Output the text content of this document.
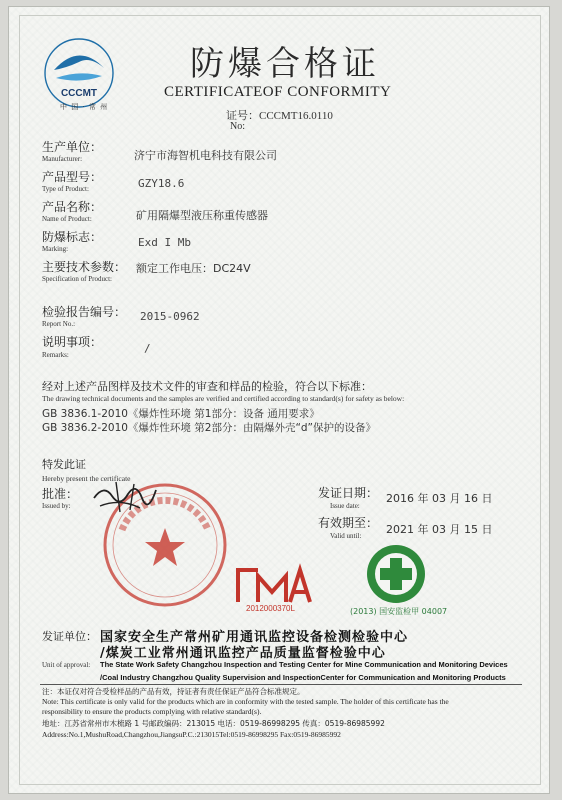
CCCMT
中 国 · 常 州
防爆合格证
CERTIFICATEOF CONFORMITY
证号：CCCMT16.0110
No:
生产单位：
Manufacturer:	济宁市海智机电科技有限公司
产品型号：
Type of Product:	GZY18.6
产品名称：
Name of Product:	矿用隔爆型液压称重传感器
防爆标志：
Marking:	Exd I Mb
主要技术参数：
Specification of Product:
额定工作电压：DC24V
检验报告编号：
Report No.:
2015-0962
说明事项：
Remarks:	/
经对上述产品图样及技术文件的审查和样品的检验，符合以下标准：
The drawing technical documents and the samples are verified and certified according to standard(s) for safety as below:
GB 3836.1-2010《爆炸性环境 第1部分：设备 通用要求》
GB 3836.2-2010《爆炸性环境 第2部分：由隔爆外壳“d”保护的设备》
特发此证
Hereby present the certificate
批准：
Issued by:
发证日期：
Issue date:
2016 年 03 月 16 日
有效期至：
Valid until: 2021 年 03 月 15 日
2012000370L	(2013) 国安监检甲 04007
发证单位： 国家安全生产常州矿用通讯监控设备检测检验中心
/煤炭工业常州通讯监控产品质量监督检验中心
Unit of approval: The State Work Safety Changzhou Inspection and Testing Center for Mine Communication and Monitoring Devices
/Coal Industry Changzhou Quality Supervision and InspectionCenter for Communication and Monitoring Products
注：本证仅对符合受检样品的产品有效，持证者有责任保证产品符合标准规定。
Note: This certificate is only valid for the products which are in conformity with the tested sample. The holder of this certificate has the
responsibility to ensure the products complying with relative standard(s).
地址：江苏省常州市木梳路 1 号邮政编码：213015 电话：0519-86998295 传真：0519-86985992
Address:No.1,MushuRoad,Changzhou,JiangsuP.C.:213015Tel:0519-86998295 Fax:0519-86985992
